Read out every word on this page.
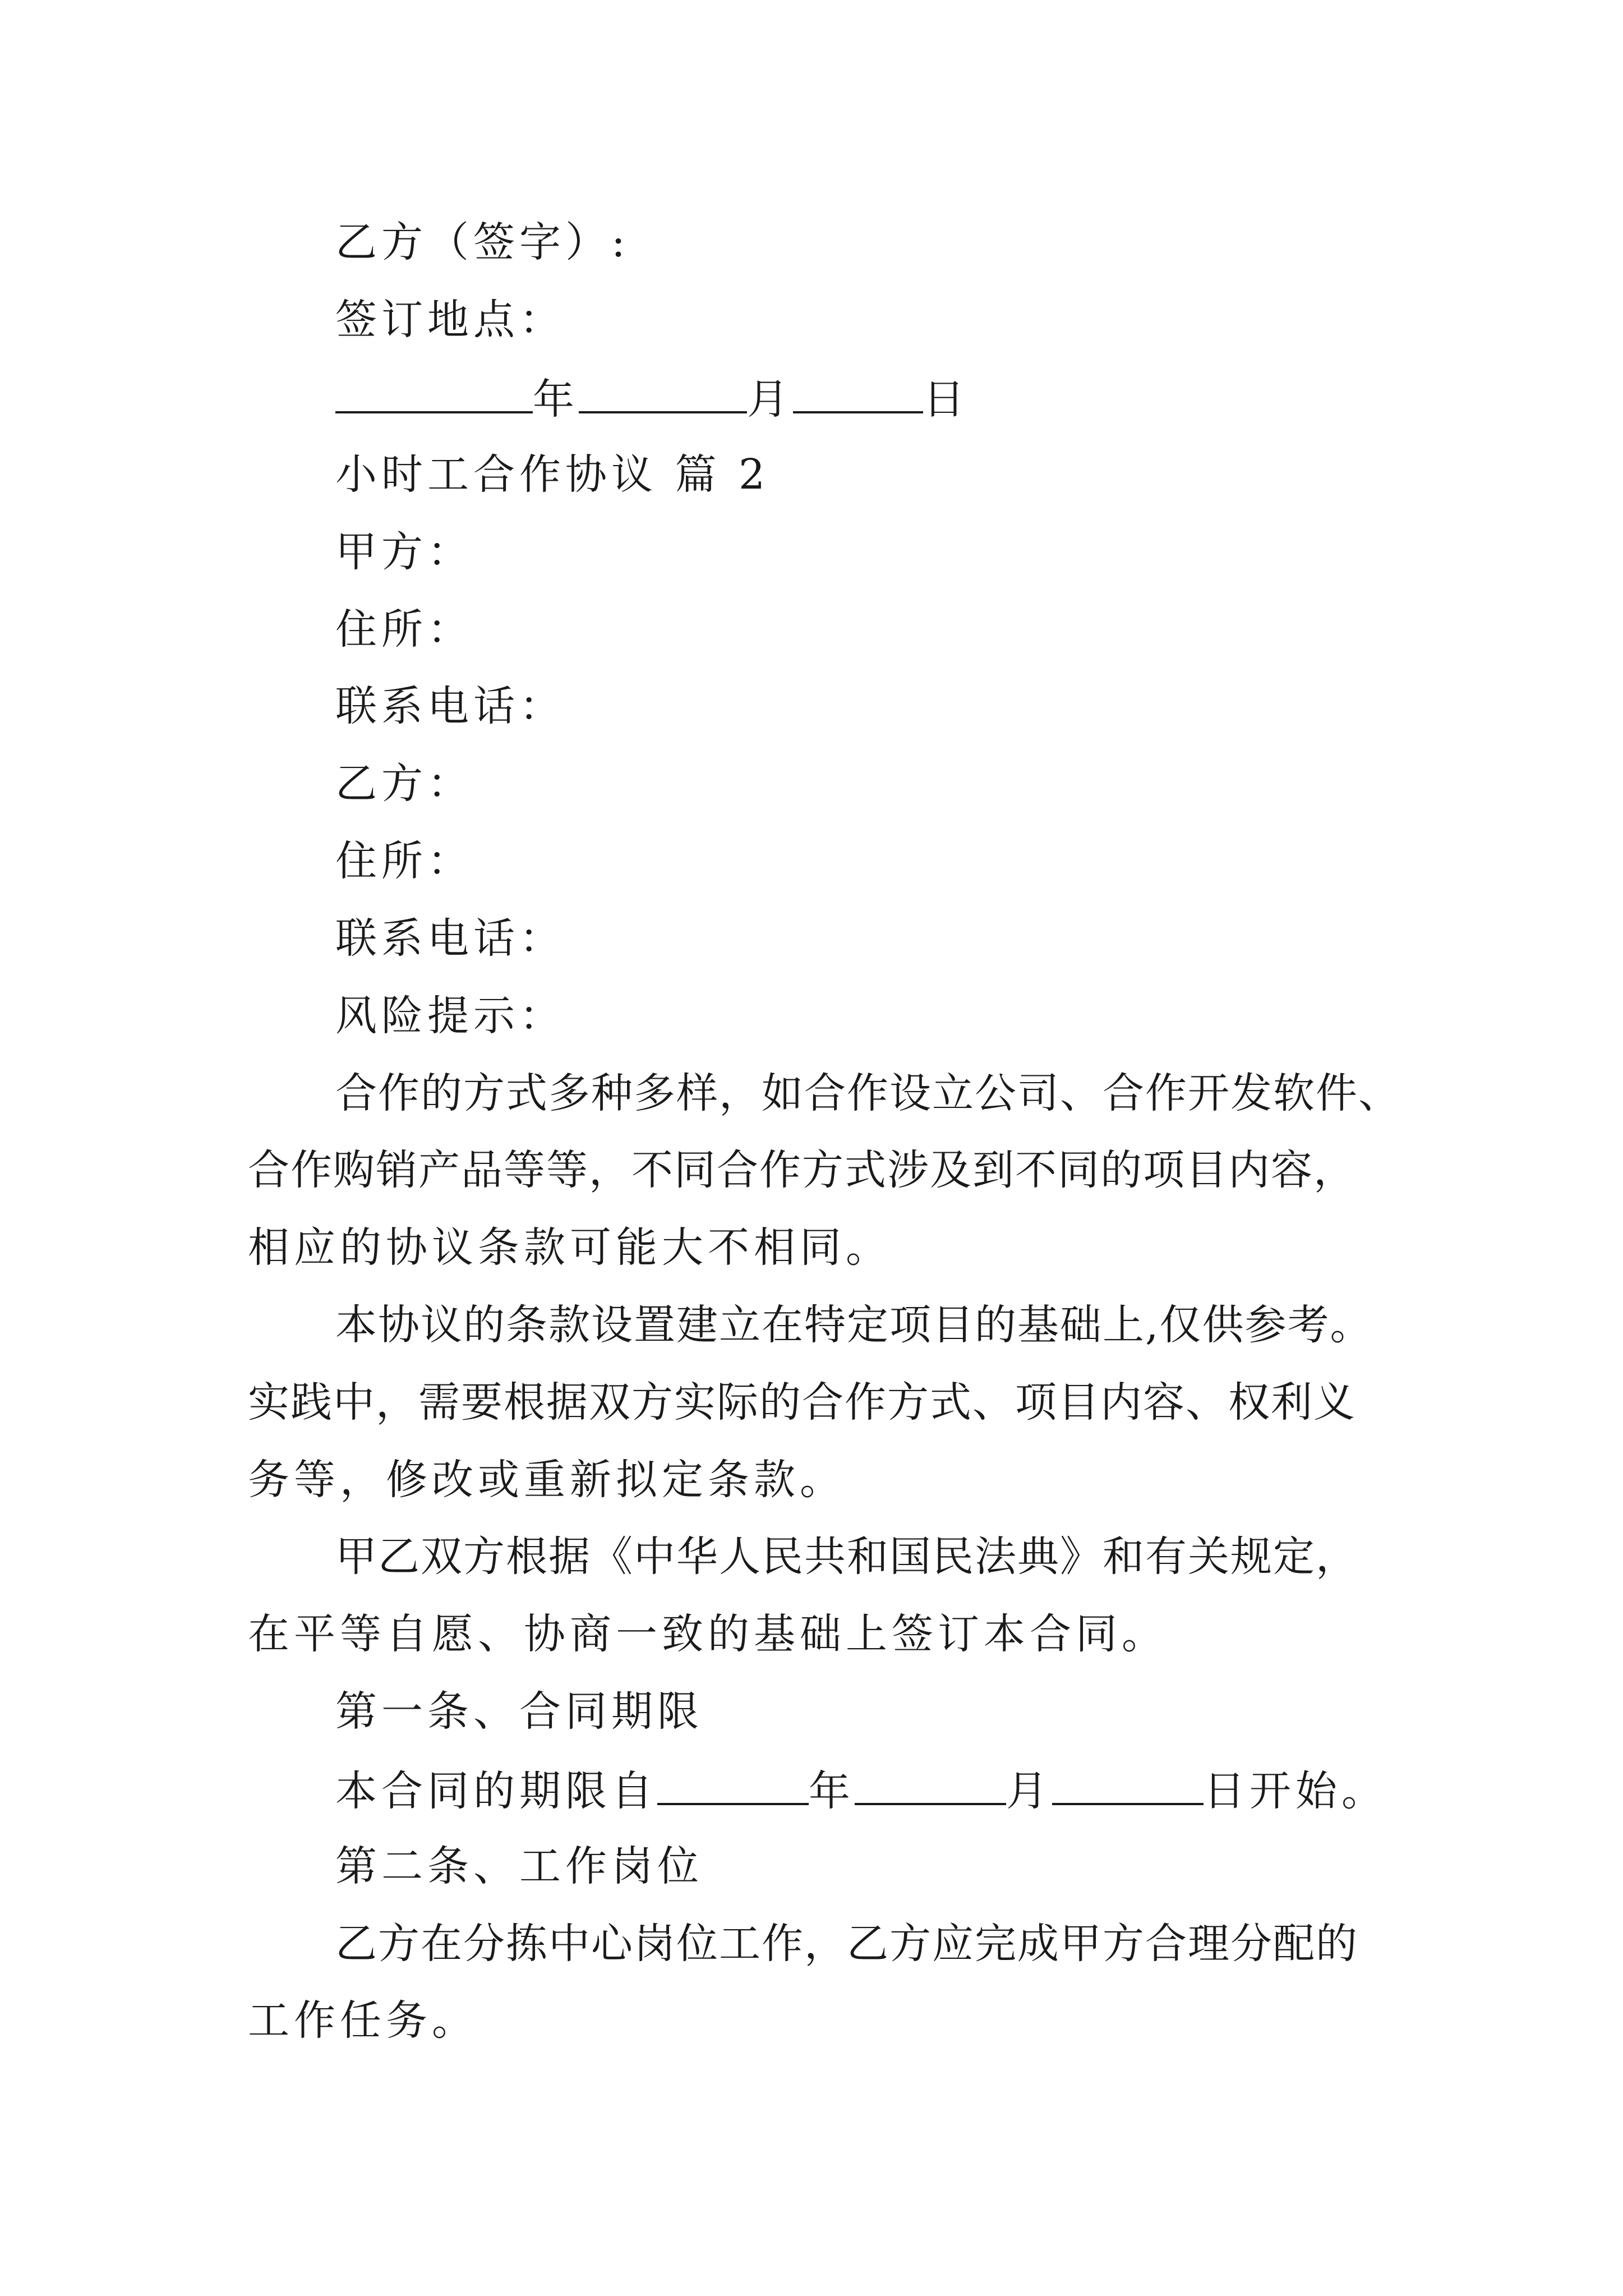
乙方（签字）:
签订地点：
年	月	日
小时工合作协议 篇 2
甲方：
住所：
联系电话：
乙方：
住所：
联系电话：
风险提示：
合作的方式多种多样，如合作设立公司、合作开发软件、
合作购销产品等等，不同合作方式涉及到不同的项目内容，
相应的协议条款可能大不相同。
本协议的条款设置建立在特定项目的基础上,仅供参考。
实践中，需要根据双方实际的合作方式、项目内容、权利义
务等，修改或重新拟定条款。
甲乙双方根据《中华人民共和国民法典》和有关规定，
在平等自愿、协商一致的基础上签订本合同。
第一条、合同期限
本合同的期限自	年	月	日开始。
第二条、工作岗位
乙方在分拣中心岗位工作，乙方应完成甲方合理分配的
工作任务。
